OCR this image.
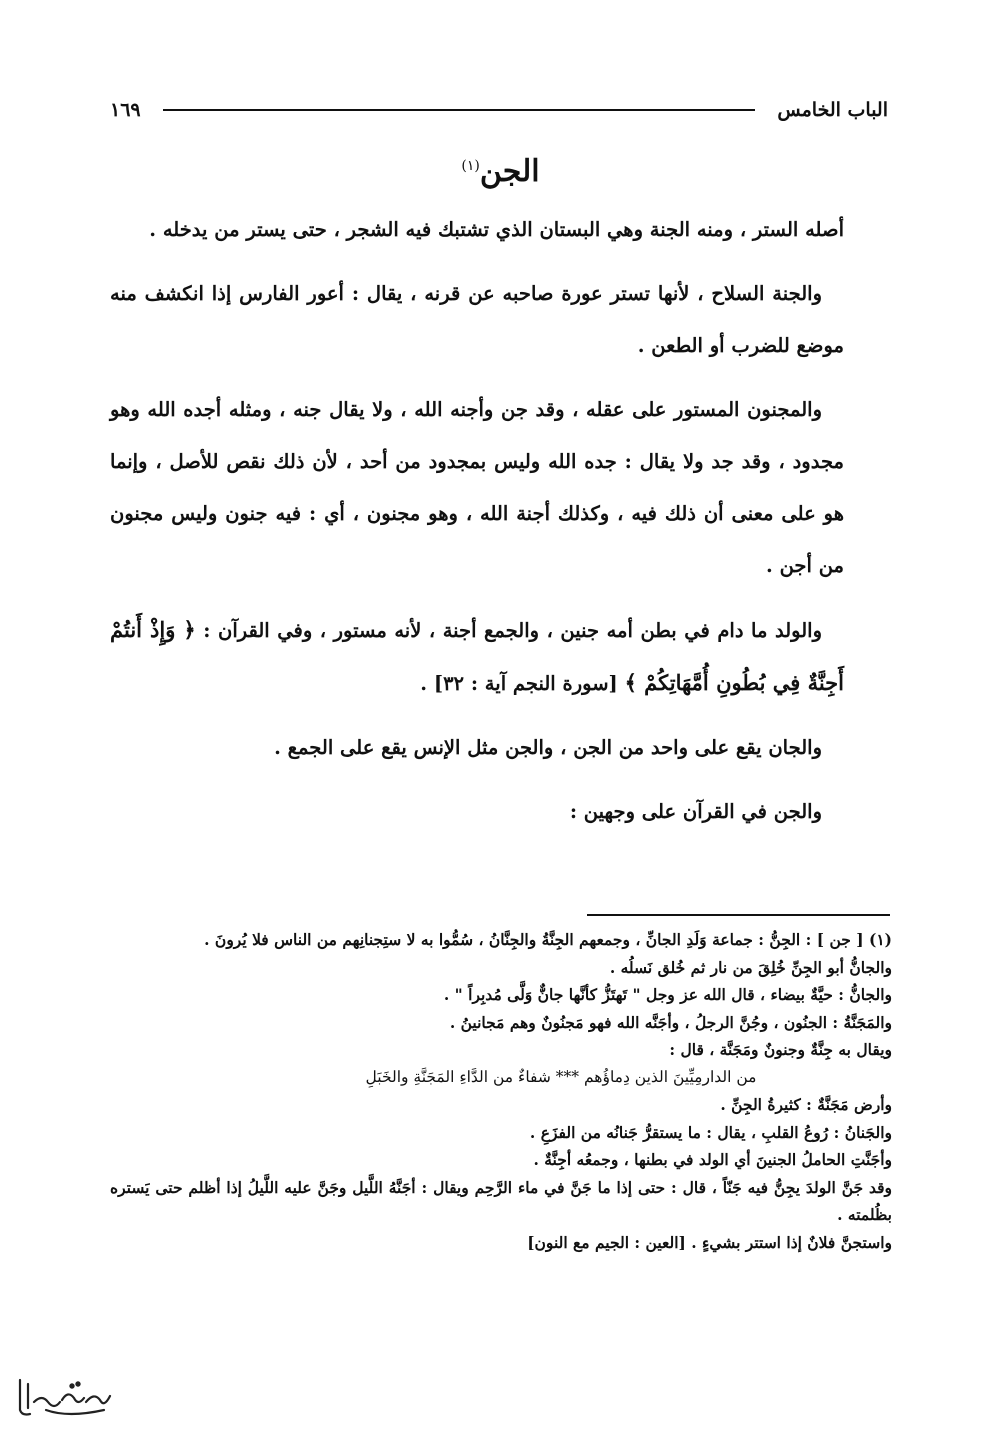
الباب الخامس
١٦٩
الجن$^{(١)}$

أصله الستر ، ومنه الجنة وهي البستان الذي تشتبك فيه الشجر ، حتى يستر من يدخله .

والجنة السلاح ، لأنها تستر عورة صاحبه عن قرنه ، يقال : أعور الفارس إذا انكشف منه موضع للضرب أو الطعن .

والمجنون المستور على عقله ، وقد جن وأجنه الله ، ولا يقال جنه ، ومثله أجده الله وهو مجدود ، وقد جد ولا يقال : جده الله وليس بمجدود من أحد ، لأن ذلك نقص للأصل ، وإنما هو على معنى أن ذلك فيه ، وكذلك أجنة الله ، وهو مجنون ، أي : فيه جنون وليس مجنون من أجن .

والولد ما دام في بطن أمه جنين ، والجمع أجنة ، لأنه مستور ، وفي القرآن : ﴿ وَإِذْ أَنتُمْ أَجِنَّةٌ فِي بُطُونِ أُمَّهَاتِكُمْ ﴾ [سورة النجم آية : ٣٢] .

والجان يقع على واحد من الجن ، والجن مثل الإنس يقع على الجمع .

والجن في القرآن على وجهين :

(١) [ جن ] : الجِنُّ : جماعة وَلَدِ الجانِّ ، وجمعهم الجِنَّةُ والجِنَّانُ ، سُمُّوا به لا ستِجنانِهم من الناس فلا يُرونَ .

والجانُّ أبو الجِنِّ خُلِقَ من نار ثم خُلق نَسلُه .

والجانُّ : حيَّةٌ بيضاء ، قال الله عز وجل " تَهتَزُّ كأنَّها جانٌّ وَلَّى مُدبِراً " .

والمَجَنَّةُ : الجنُون ، وجُنَّ الرجلُ ، وأجَنَّه الله فهو مَجنُونٌ وهم مَجانينُ .

ويقال به جِنَّةٌ وجنونٌ ومَجَنَّة ، قال :

من الدارمِيِّينَ الذين دِماؤُهم *** شفاءٌ من الدَّاءِ المَجَنَّةِ والخَبَلِ

وأرض مَجَنَّةٌ : كثيرةُ الجِنِّ .

والجَنانُ : رُوعُ القلبِ ، يقال : ما يستقرُّ جَنانُه من الفزَعِ .

وأجَنَّتِ الحاملُ الجنينَ أي الولد في بطنها ، وجمعُه أجِنَّةٌ .

وقد جَنَّ الولدَ يجِنُّ فيه جَنّاً ، قال : حتى إذا ما جَنَّ في ماء الرَّحِم ويقال : أجَنَّهُ اللَّيل وجَنَّ عليه اللَّيلُ إذا أظلم حتى يَستره بظُلمته .

واستجنَّ فلانٌ إذا استتر بشيءٍ . [العين : الجيم مع النون]
